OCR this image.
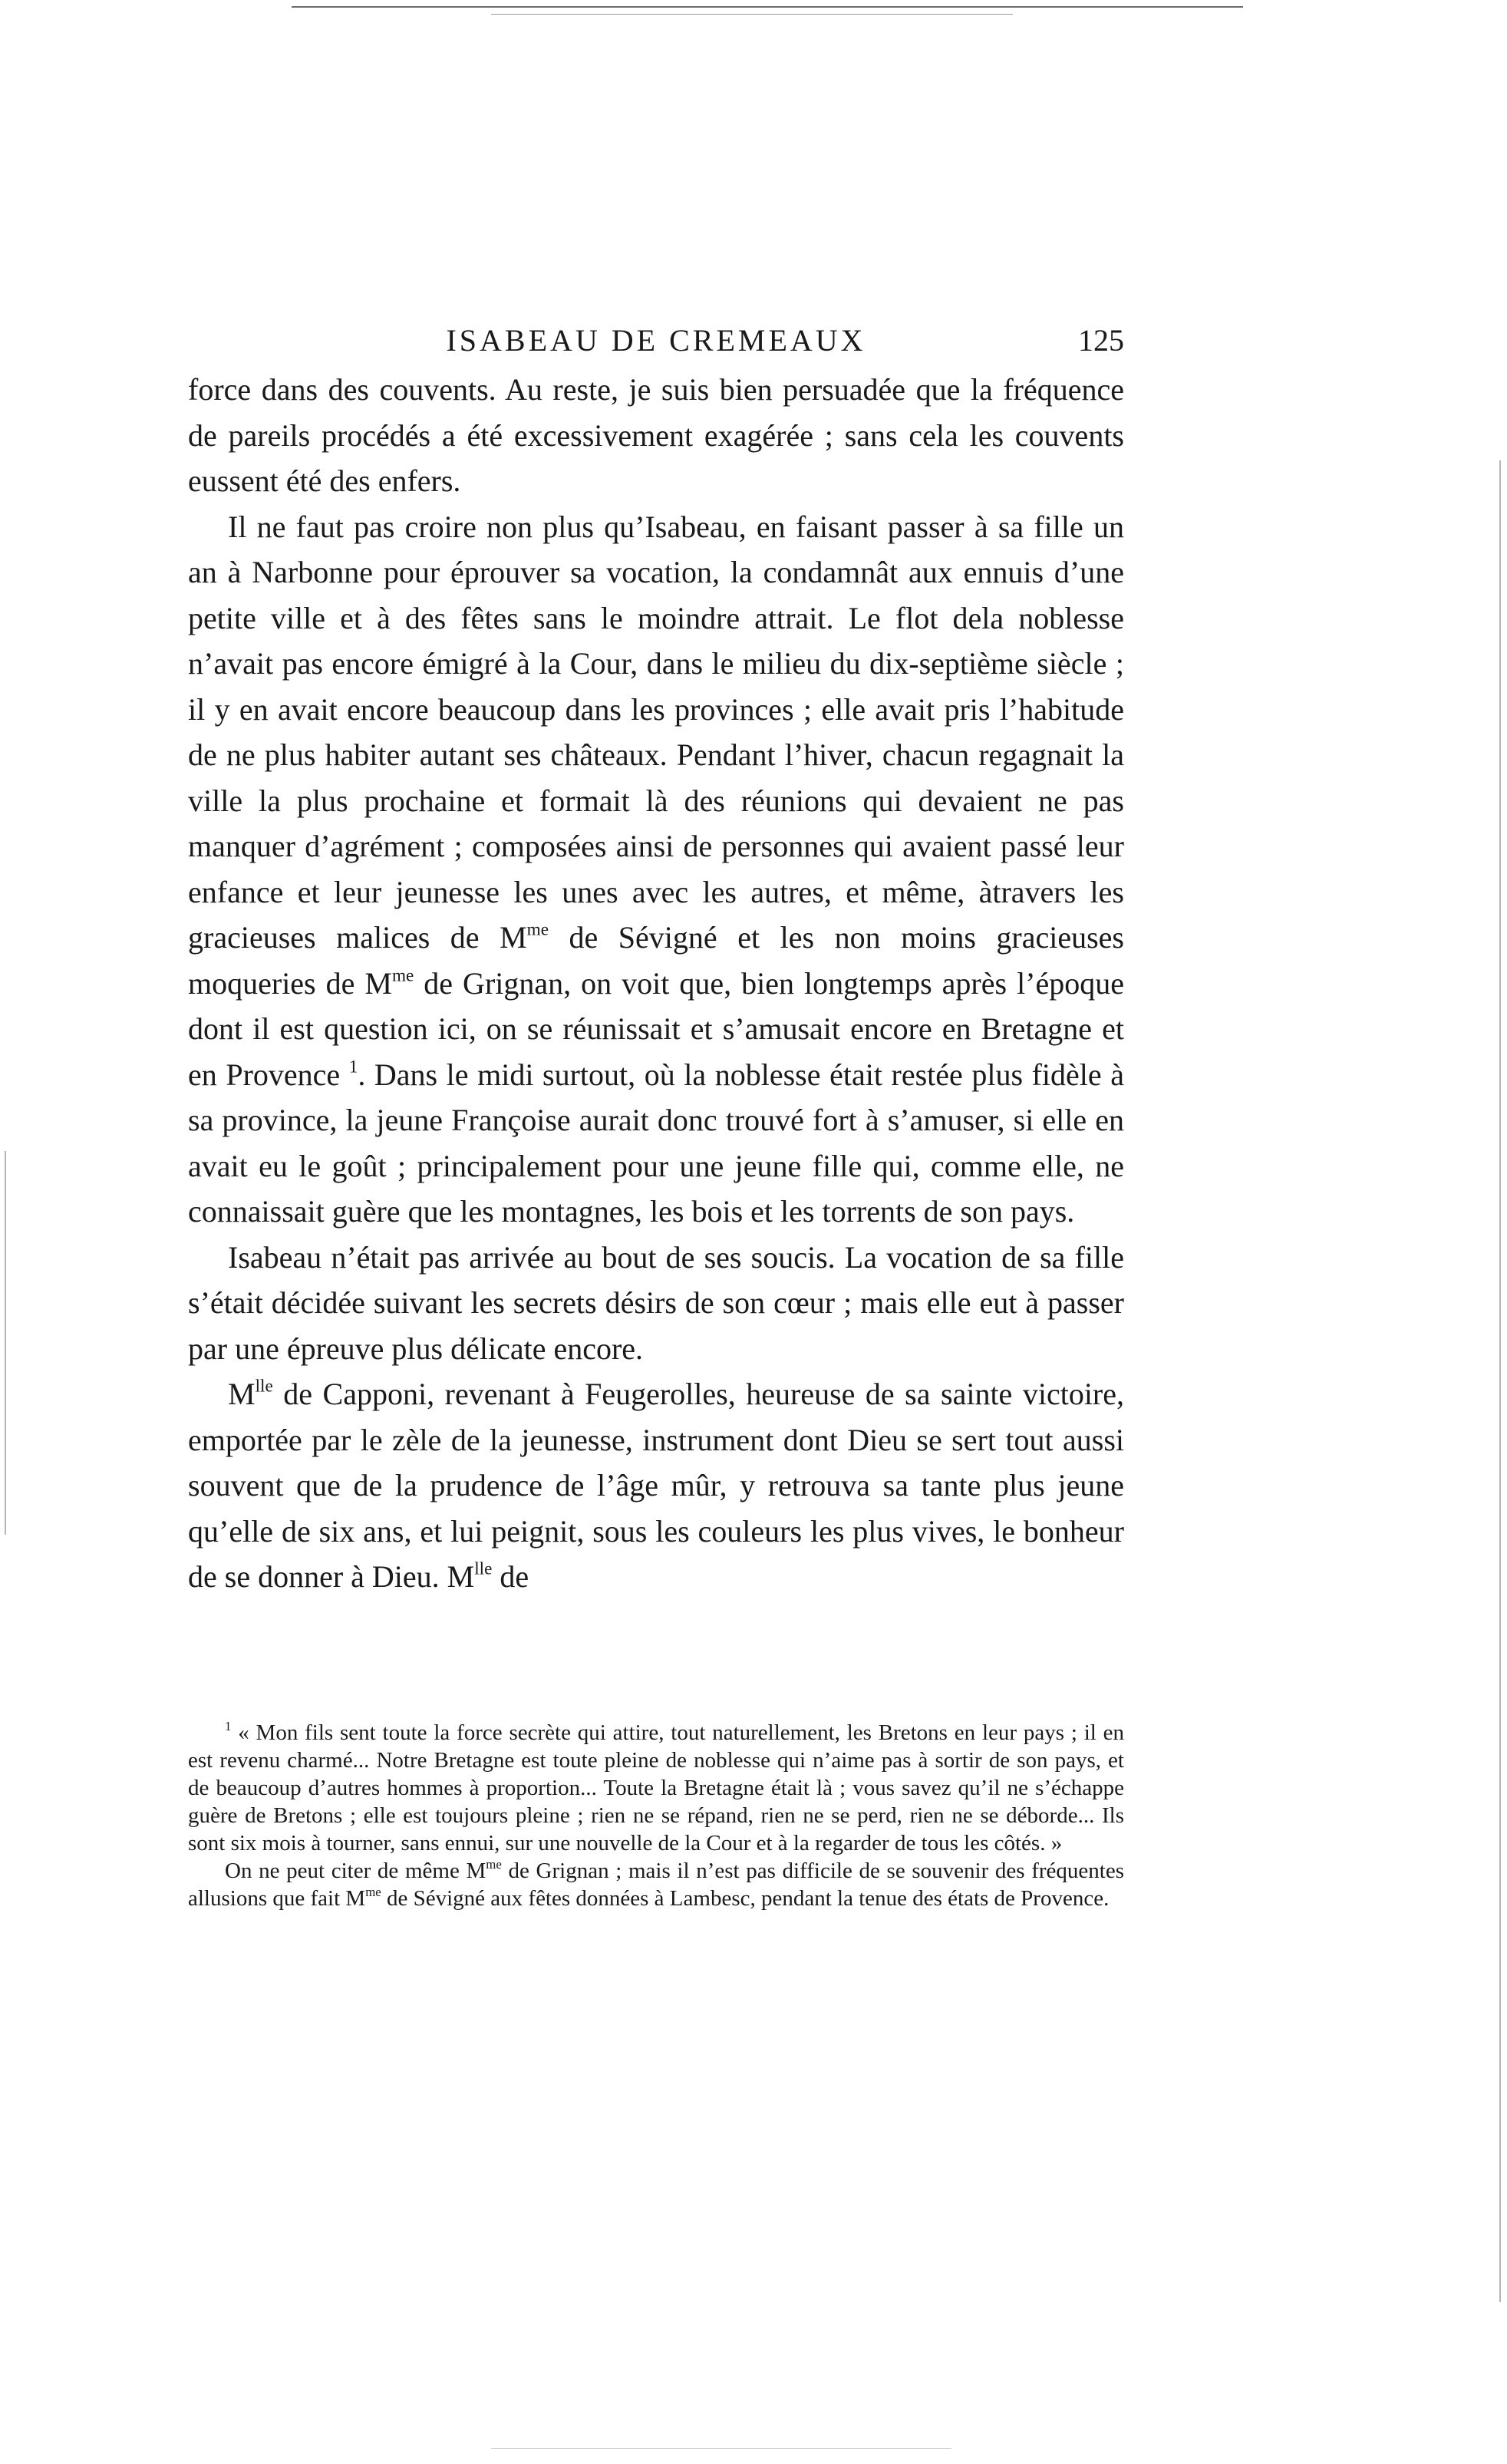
ISABEAU DE CREMEAUX	125

force dans des couvents. Au reste, je suis bien persuadée que la fréquence de pareils procédés a été excessivement exagérée ; sans cela les couvents eussent été des enfers.

Il ne faut pas croire non plus qu’Isabeau, en faisant passer à sa fille un an à Narbonne pour éprouver sa vocation, la condamnât aux ennuis d’une petite ville et à des fêtes sans le moindre attrait. Le flot dela noblesse n’avait pas encore émigré à la Cour, dans le milieu du dix-septième siècle ; il y en avait encore beaucoup dans les provinces ; elle avait pris l’habitude de ne plus habiter autant ses châteaux. Pendant l’hiver, chacun regagnait la ville la plus prochaine et formait là des réunions qui devaient ne pas manquer d’agrément ; composées ainsi de personnes qui avaient passé leur enfance et leur jeunesse les unes avec les autres, et même, àtravers les gracieuses malices de $M^{me}$ de Sévigné et les non moins gracieuses moqueries de $M^{me}$ de Grignan, on voit que, bien longtemps après l’époque dont il est question ici, on se réunissait et s’amusait encore en Bretagne et en Provence $^1$. Dans le midi surtout, où la noblesse était restée plus fidèle à sa province, la jeune Françoise aurait donc trouvé fort à s’amuser, si elle en avait eu le goût ; principalement pour une jeune fille qui, comme elle, ne connaissait guère que les montagnes, les bois et les torrents de son pays.

Isabeau n’était pas arrivée au bout de ses soucis. La vocation de sa fille s’était décidée suivant les secrets désirs de son cœur ; mais elle eut à passer par une épreuve plus délicate encore.

$M^{lle}$ de Capponi, revenant à Feugerolles, heureuse de sa sainte victoire, emportée par le zèle de la jeunesse, instrument dont Dieu se sert tout aussi souvent que de la prudence de l’âge mûr, y retrouva sa tante plus jeune qu’elle de six ans, et lui peignit, sous les couleurs les plus vives, le bonheur de se donner à Dieu. $M^{lle}$ de

$^1$ « Mon fils sent toute la force secrète qui attire, tout naturellement, les Bretons en leur pays ; il en est revenu charmé... Notre Bretagne est toute pleine de noblesse qui n’aime pas à sortir de son pays, et de beaucoup d’autres hommes à proportion... Toute la Bretagne était là ; vous savez qu’il ne s’échappe guère de Bretons ; elle est toujours pleine ; rien ne se répand, rien ne se perd, rien ne se déborde... Ils sont six mois à tourner, sans ennui, sur une nouvelle de la Cour et à la regarder de tous les côtés. »

On ne peut citer de même $M^{me}$ de Grignan ; mais il n’est pas difficile de se souvenir des fréquentes allusions que fait $M^{me}$ de Sévigné aux fêtes données à Lambesc, pendant la tenue des états de Provence.
